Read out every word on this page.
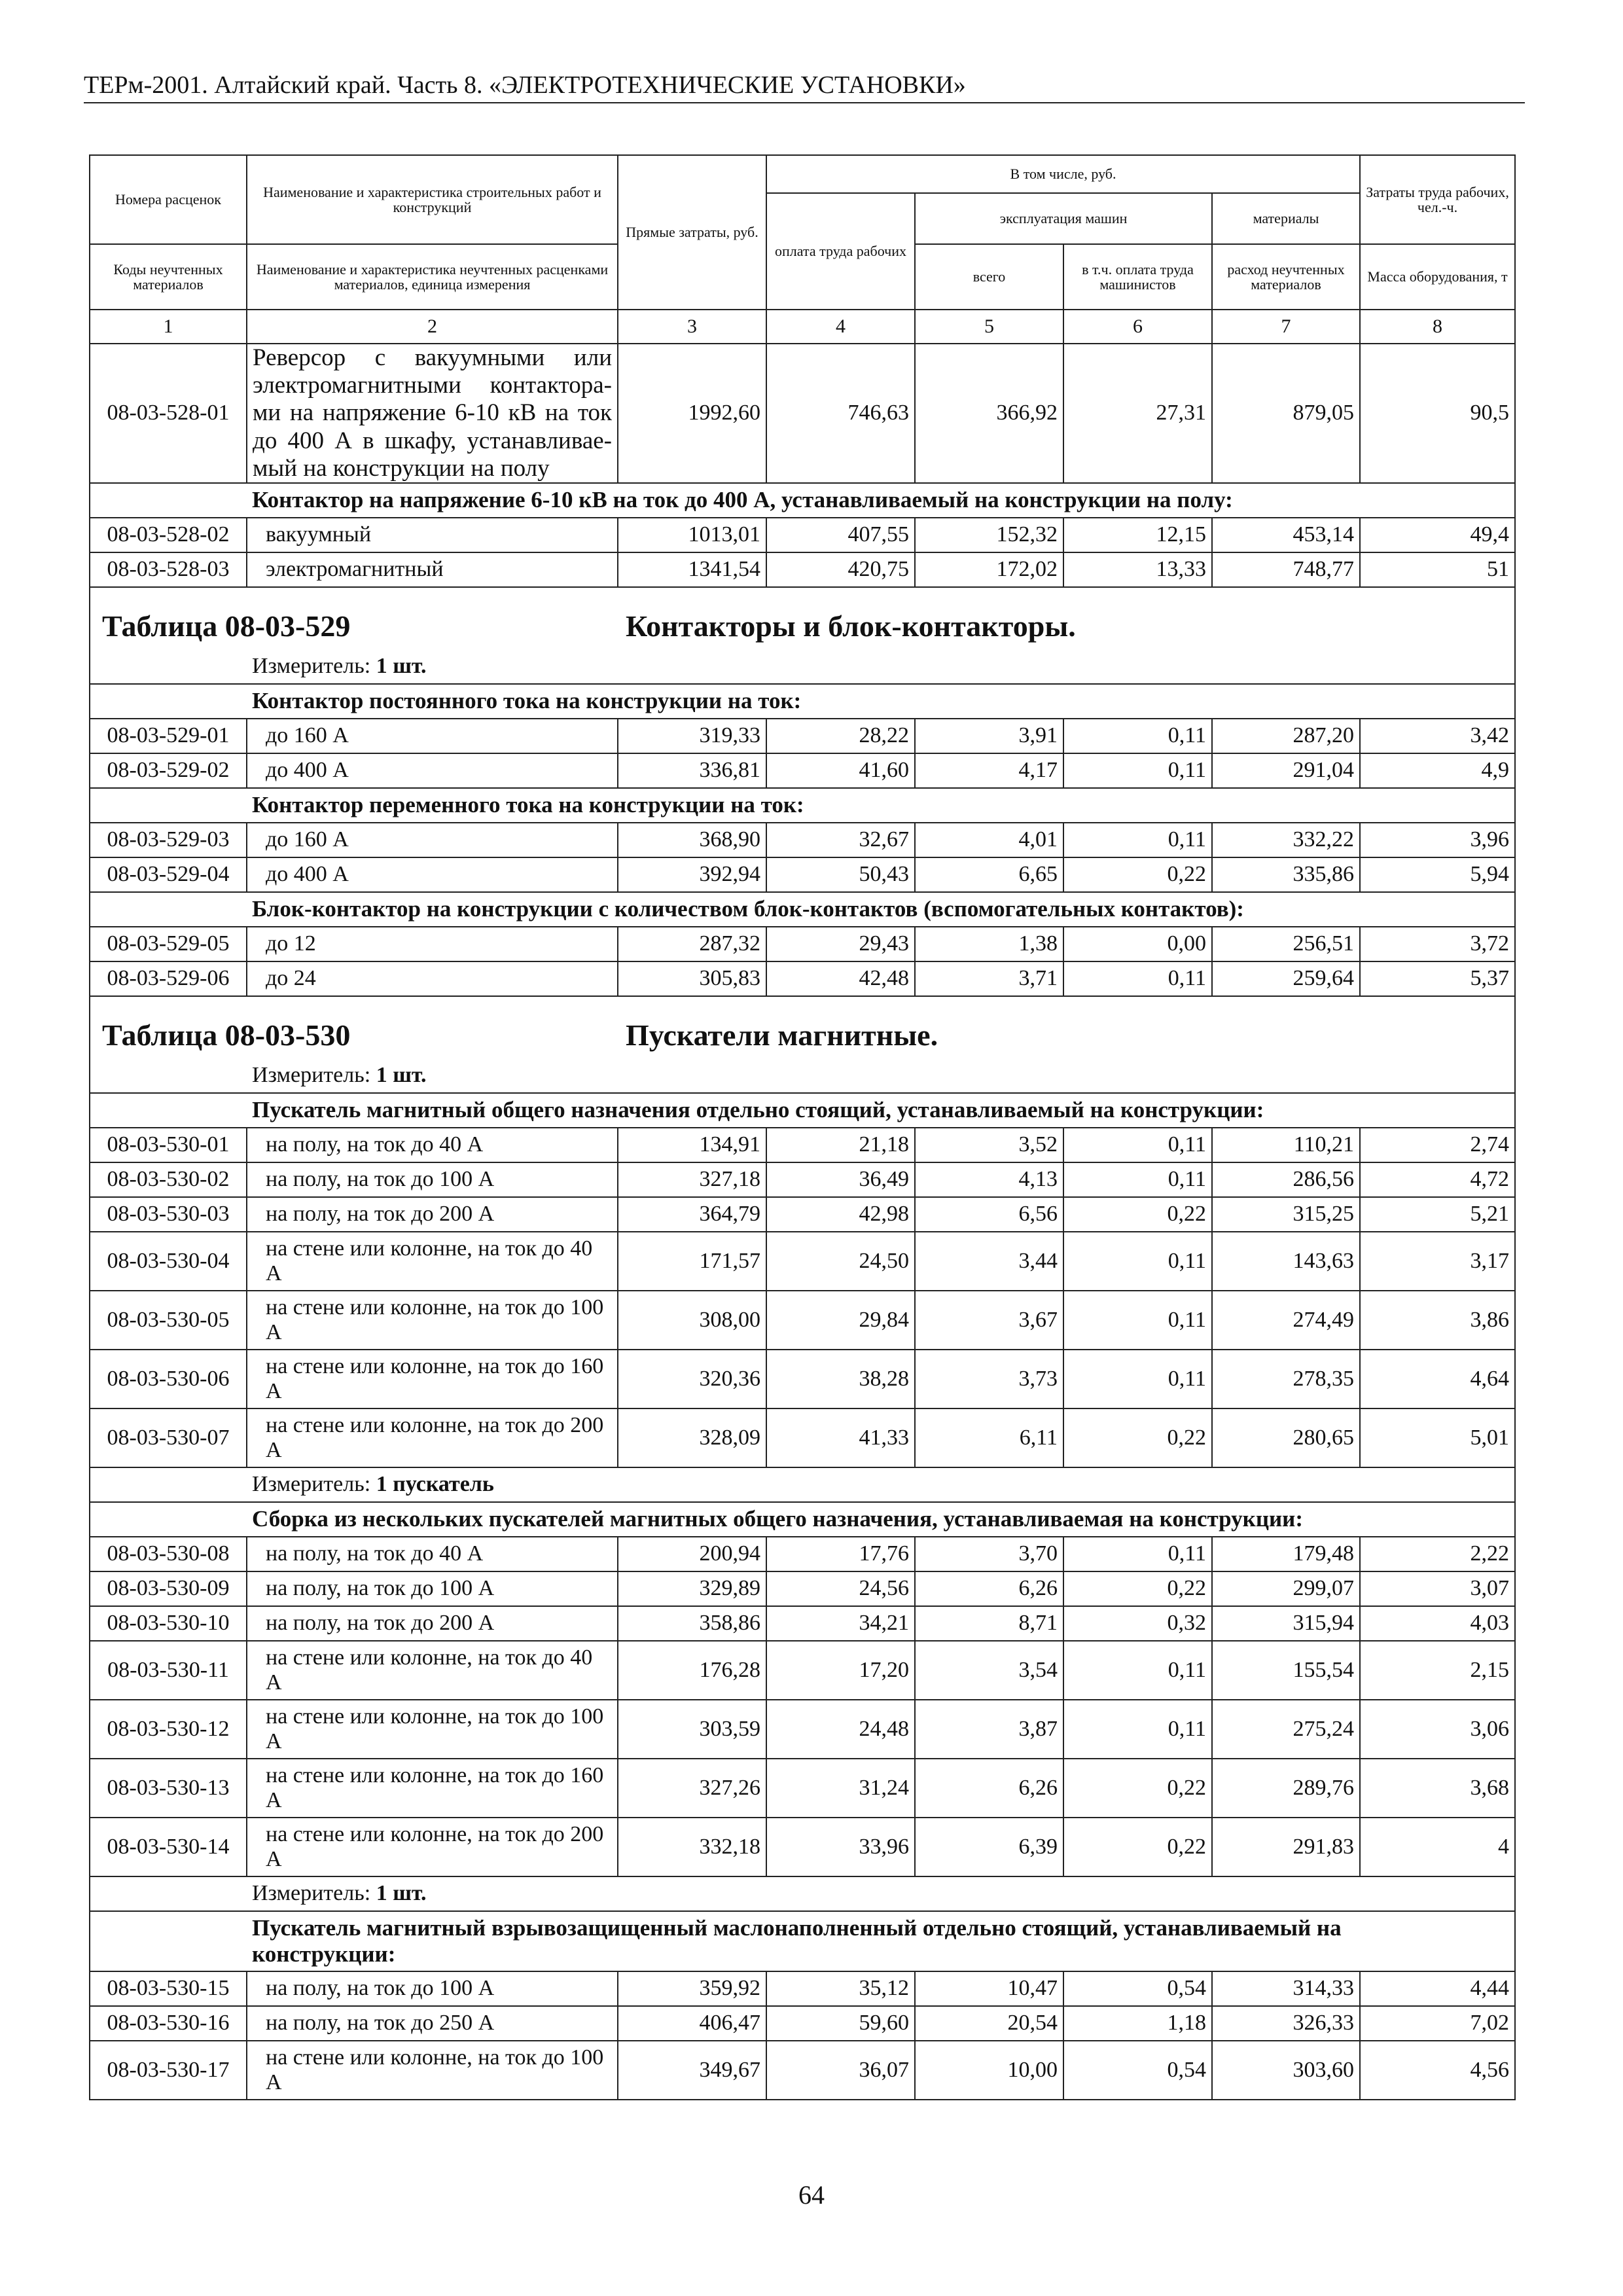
ТЕРм-2001. Алтайский край. Часть 8. «ЭЛЕКТРОТЕХНИЧЕСКИЕ УСТАНОВКИ»
Номера расценок	Наименование и характеристика строительных работ и конструкций	Прямые затраты, руб.	В том числе, руб.				Затраты труда рабочих, чел.-ч.
			оплата труда рабочих	эксплуатация машин		материалы	
Коды неучтенных материалов	Наименование и характеристика неучтенных расценками материалов, единица измерения			всего	в т.ч. оплата труда машинистов	расход неучтенных материалов	Масса оборудования, т

1	2	3	4	5	6	7	8
08-03-528-01	Реверсор с вакуумными или электромагнитными контактора-ми на напряжение 6-10 кВ на ток до 400 А в шкафу, устанавливае-мый на конструкции на полу	1992,60	746,63	366,92	27,31	879,05	90,5
	Контактор на напряжение 6-10 кВ на ток до 400 А, устанавливаемый на конструкции на полу:						
08-03-528-02	вакуумный	1013,01	407,55	152,32	12,15	453,14	49,4
08-03-528-03	электромагнитный	1341,54	420,75	172,02	13,33	748,77	51

Таблица 08-03-529 Контакторы и блок-контакторы.							

	Измеритель: 1 шт.						
	Контактор постоянного тока на конструкции на ток:						
08-03-529-01	до 160 А	319,33	28,22	3,91	0,11	287,20	3,42
08-03-529-02	до 400 А	336,81	41,60	4,17	0,11	291,04	4,9
	Контактор переменного тока на конструкции на ток:						
08-03-529-03	до 160 А	368,90	32,67	4,01	0,11	332,22	3,96
08-03-529-04	до 400 А	392,94	50,43	6,65	0,22	335,86	5,94
	Блок-контактор на конструкции с количеством блок-контактов (вспомогательных контактов):						
08-03-529-05	до 12	287,32	29,43	1,38	0,00	256,51	3,72
08-03-529-06	до 24	305,83	42,48	3,71	0,11	259,64	5,37

Таблица 08-03-530 Пускатели магнитные.							

	Измеритель: 1 шт.						
	Пускатель магнитный общего назначения отдельно стоящий, устанавливаемый на конструкции:						
08-03-530-01	на полу, на ток до 40 А	134,91	21,18	3,52	0,11	110,21	2,74
08-03-530-02	на полу, на ток до 100 А	327,18	36,49	4,13	0,11	286,56	4,72
08-03-530-03	на полу, на ток до 200 А	364,79	42,98	6,56	0,22	315,25	5,21
08-03-530-04	на стене или колонне, на ток до 40 А	171,57	24,50	3,44	0,11	143,63	3,17
08-03-530-05	на стене или колонне, на ток до 100 А	308,00	29,84	3,67	0,11	274,49	3,86
08-03-530-06	на стене или колонне, на ток до 160 А	320,36	38,28	3,73	0,11	278,35	4,64
08-03-530-07	на стене или колонне, на ток до 200 А	328,09	41,33	6,11	0,22	280,65	5,01
	Измеритель: 1 пускатель						
	Сборка из нескольких пускателей магнитных общего назначения, устанавливаемая на конструкции:						
08-03-530-08	на полу, на ток до 40 А	200,94	17,76	3,70	0,11	179,48	2,22
08-03-530-09	на полу, на ток до 100 А	329,89	24,56	6,26	0,22	299,07	3,07
08-03-530-10	на полу, на ток до 200 А	358,86	34,21	8,71	0,32	315,94	4,03
08-03-530-11	на стене или колонне, на ток до 40 А	176,28	17,20	3,54	0,11	155,54	2,15
08-03-530-12	на стене или колонне, на ток до 100 А	303,59	24,48	3,87	0,11	275,24	3,06
08-03-530-13	на стене или колонне, на ток до 160 А	327,26	31,24	6,26	0,22	289,76	3,68
08-03-530-14	на стене или колонне, на ток до 200 А	332,18	33,96	6,39	0,22	291,83	4
	Измеритель: 1 шт.						
	Пускатель магнитный взрывозащищенный маслонаполненный отдельно стоящий, устанавливаемый на конструкции:						
08-03-530-15	на полу, на ток до 100 А	359,92	35,12	10,47	0,54	314,33	4,44
08-03-530-16	на полу, на ток до 250 А	406,47	59,60	20,54	1,18	326,33	7,02
08-03-530-17	на стене или колонне, на ток до 100 А	349,67	36,07	10,00	0,54	303,60	4,56
64
